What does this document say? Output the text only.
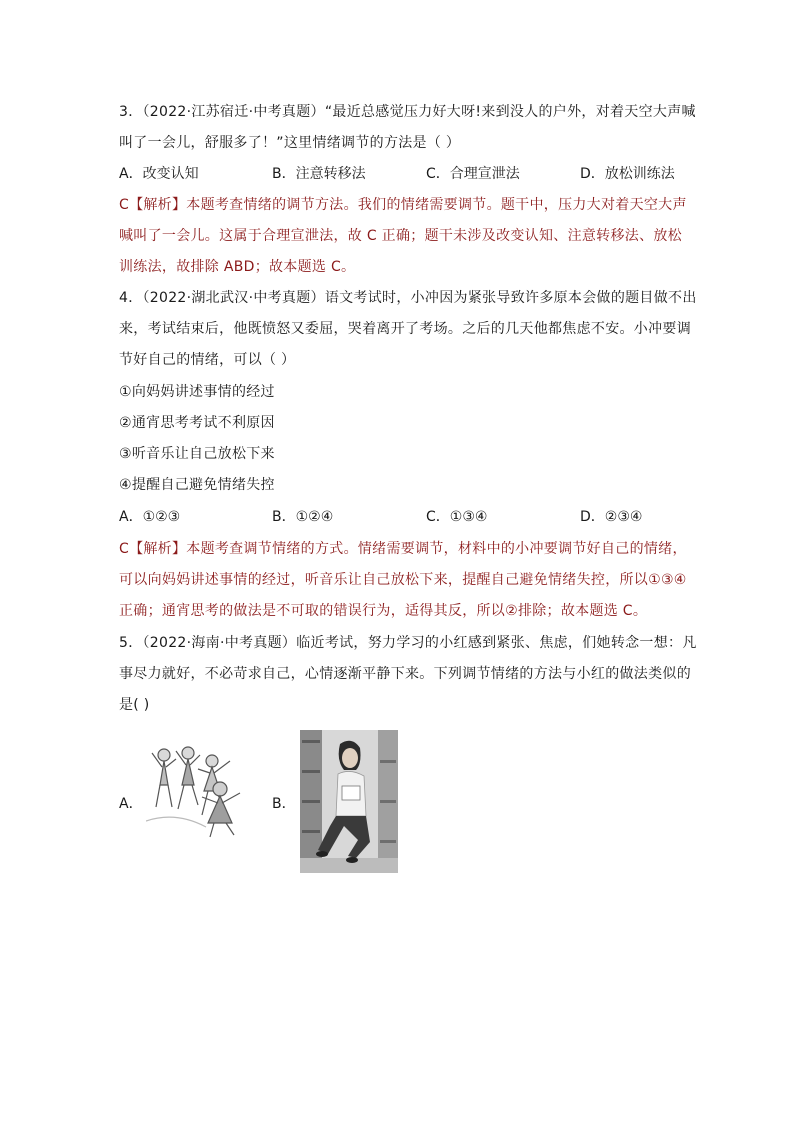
3．（2022·江苏宿迁·中考真题）“最近总感觉压力好大呀!来到没人的户外，对着天空大声喊
叫了一会儿，舒服多了！”这里情绪调节的方法是（ ）
A．改变认知	B．注意转移法	C．合理宣泄法	D．放松训练法
C【解析】本题考查情绪的调节方法。我们的情绪需要调节。题干中，压力大对着天空大声
喊叫了一会儿。这属于合理宣泄法，故 C 正确；题干未涉及改变认知、注意转移法、放松
训练法，故排除 ABD；故本题选 C。
4．（2022·湖北武汉·中考真题）语文考试时，小冲因为紧张导致许多原本会做的题目做不出
来，考试结束后，他既愤怒又委屈，哭着离开了考场。之后的几天他都焦虑不安。小冲要调
节好自己的情绪，可以（ ）
①向妈妈讲述事情的经过
②通宵思考考试不利原因
③听音乐让自己放松下来
④提醒自己避免情绪失控
A．①②③	B．①②④	C．①③④	D．②③④
C【解析】本题考查调节情绪的方式。情绪需要调节，材料中的小冲要调节好自己的情绪，
可以向妈妈讲述事情的经过，听音乐让自己放松下来，提醒自己避免情绪失控，所以①③④
正确；通宵思考的做法是不可取的错误行为，适得其反，所以②排除；故本题选 C。
5．（2022·海南·中考真题）临近考试，努力学习的小红感到紧张、焦虑，们她转念一想：凡
事尽力就好，不必苛求自己，心情逐渐平静下来。下列调节情绪的方法与小红的做法类似的
是( )
A．	B．
